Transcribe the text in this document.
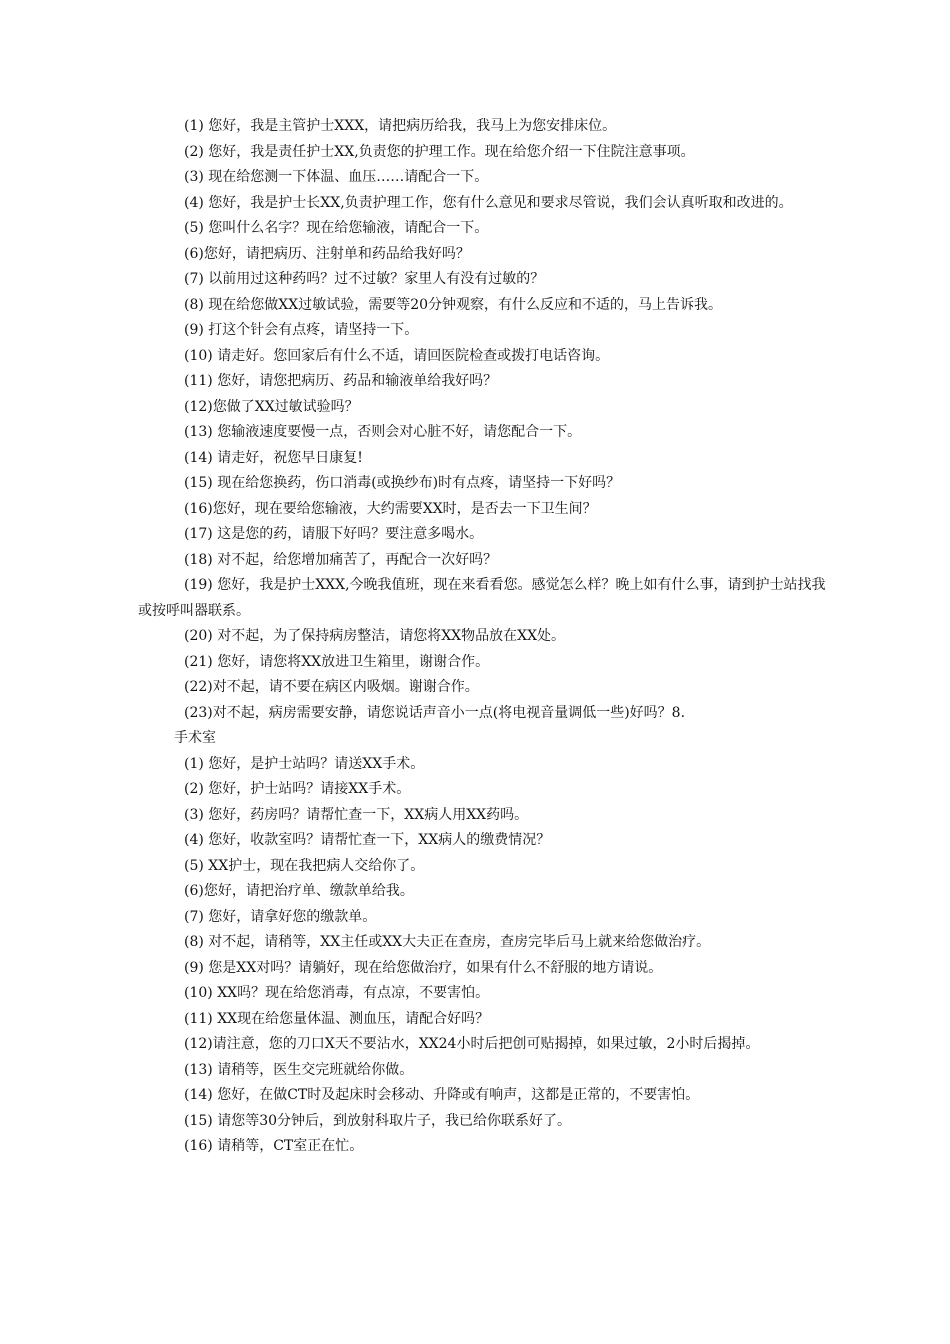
(1) 您好，我是主管护士XXX，请把病历给我，我马上为您安排床位。

(2) 您好，我是责任护士XX,负责您的护理工作。现在给您介绍一下住院注意事项。

(3) 现在给您测一下体温、血压……请配合一下。

(4) 您好，我是护士长XX,负责护理工作，您有什么意见和要求尽管说，我们会认真听取和改进的。

(5) 您叫什么名字？现在给您输液，请配合一下。

(6)您好，请把病历、注射单和药品给我好吗？

(7) 以前用过这种药吗？过不过敏？家里人有没有过敏的？

(8) 现在给您做XX过敏试验，需要等20分钟观察，有什么反应和不适的，马上告诉我。

(9) 打这个针会有点疼，请坚持一下。

(10) 请走好。您回家后有什么不适，请回医院检查或拨打电话咨询。

(11) 您好，请您把病历、药品和输液单给我好吗？

(12)您做了XX过敏试验吗？

(13) 您输液速度要慢一点，否则会对心脏不好，请您配合一下。

(14) 请走好，祝您早日康复!

(15) 现在给您换药，伤口消毒(或换纱布)时有点疼，请坚持一下好吗？

(16)您好，现在要给您输液，大约需要XX时，是否去一下卫生间？

(17) 这是您的药，请服下好吗？要注意多喝水。

(18) 对不起，给您增加痛苦了，再配合一次好吗？

(19) 您好，我是护士XXX,今晚我值班，现在来看看您。感觉怎么样？晚上如有什么事，请到护士站找我或按呼叫器联系。

(20) 对不起，为了保持病房整洁，请您将XX物品放在XX处。

(21) 您好，请您将XX放进卫生箱里，谢谢合作。

(22)对不起，请不要在病区内吸烟。谢谢合作。

(23)对不起，病房需要安静，请您说话声音小一点(将电视音量调低一些)好吗？8.

手术室

(1) 您好，是护士站吗？请送XX手术。

(2) 您好，护士站吗？请接XX手术。

(3) 您好，药房吗？请帮忙查一下，XX病人用XX药吗。

(4) 您好，收款室吗？请帮忙查一下，XX病人的缴费情况？

(5) XX护士，现在我把病人交给你了。

(6)您好，请把治疗单、缴款单给我。

(7) 您好，请拿好您的缴款单。

(8) 对不起，请稍等，XX主任或XX大夫正在查房，查房完毕后马上就来给您做治疗。

(9) 您是XX对吗？请躺好，现在给您做治疗，如果有什么不舒服的地方请说。

(10) XX吗？现在给您消毒，有点凉，不要害怕。

(11) XX现在给您量体温、测血压，请配合好吗？

(12)请注意，您的刀口X天不要沾水，XX24小时后把创可贴揭掉，如果过敏，2小时后揭掉。

(13) 请稍等，医生交完班就给你做。

(14) 您好，在做CT时及起床时会移动、升降或有响声，这都是正常的，不要害怕。

(15) 请您等30分钟后，到放射科取片子，我已给你联系好了。

(16) 请稍等，CT室正在忙。
